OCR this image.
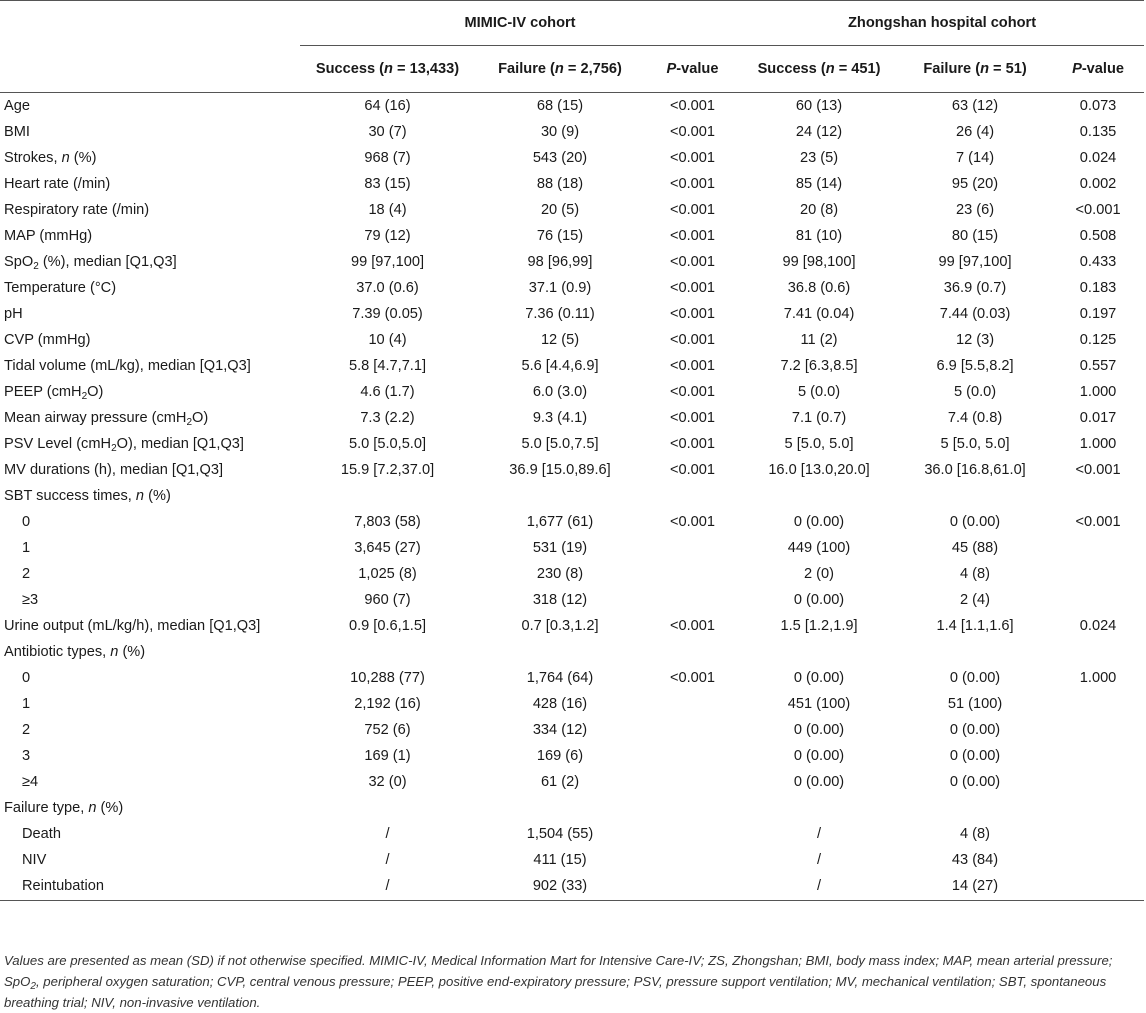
	MIMIC-IV cohort			Zhongshan hospital cohort		
	Success (n = 13,433)	Failure (n = 2,756)	P-value	Success (n = 451)	Failure (n = 51)	P-value
Age	64 (16)	68 (15)	<0.001	60 (13)	63 (12)	0.073
BMI	30 (7)	30 (9)	<0.001	24 (12)	26 (4)	0.135
Strokes, n (%)	968 (7)	543 (20)	<0.001	23 (5)	7 (14)	0.024
Heart rate (/min)	83 (15)	88 (18)	<0.001	85 (14)	95 (20)	0.002
Respiratory rate (/min)	18 (4)	20 (5)	<0.001	20 (8)	23 (6)	<0.001
MAP (mmHg)	79 (12)	76 (15)	<0.001	81 (10)	80 (15)	0.508
SpO$_2$ (%), median [Q1,Q3]	99 [97,100]	98 [96,99]	<0.001	99 [98,100]	99 [97,100]	0.433
Temperature (°C)	37.0 (0.6)	37.1 (0.9)	<0.001	36.8 (0.6)	36.9 (0.7)	0.183
pH	7.39 (0.05)	7.36 (0.11)	<0.001	7.41 (0.04)	7.44 (0.03)	0.197
CVP (mmHg)	10 (4)	12 (5)	<0.001	11 (2)	12 (3)	0.125
Tidal volume (mL/kg), median [Q1,Q3]	5.8 [4.7,7.1]	5.6 [4.4,6.9]	<0.001	7.2 [6.3,8.5]	6.9 [5.5,8.2]	0.557
PEEP (cmH$_2$O)	4.6 (1.7)	6.0 (3.0)	<0.001	5 (0.0)	5 (0.0)	1.000
Mean airway pressure (cmH$_2$O)	7.3 (2.2)	9.3 (4.1)	<0.001	7.1 (0.7)	7.4 (0.8)	0.017
PSV Level (cmH$_2$O), median [Q1,Q3]	5.0 [5.0,5.0]	5.0 [5.0,7.5]	<0.001	5 [5.0, 5.0]	5 [5.0, 5.0]	1.000
MV durations (h), median [Q1,Q3]	15.9 [7.2,37.0]	36.9 [15.0,89.6]	<0.001	16.0 [13.0,20.0]	36.0 [16.8,61.0]	<0.001
SBT success times, n (%)						
0	7,803 (58)	1,677 (61)	<0.001	0 (0.00)	0 (0.00)	<0.001
1	3,645 (27)	531 (19)		449 (100)	45 (88)	
2	1,025 (8)	230 (8)		2 (0)	4 (8)	
≥3	960 (7)	318 (12)		0 (0.00)	2 (4)	
Urine output (mL/kg/h), median [Q1,Q3]	0.9 [0.6,1.5]	0.7 [0.3,1.2]	<0.001	1.5 [1.2,1.9]	1.4 [1.1,1.6]	0.024
Antibiotic types, n (%)						
0	10,288 (77)	1,764 (64)	<0.001	0 (0.00)	0 (0.00)	1.000
1	2,192 (16)	428 (16)		451 (100)	51 (100)	
2	752 (6)	334 (12)		0 (0.00)	0 (0.00)	
3	169 (1)	169 (6)		0 (0.00)	0 (0.00)	
≥4	32 (0)	61 (2)		0 (0.00)	0 (0.00)	
Failure type, n (%)						
Death	/	1,504 (55)		/	4 (8)	
NIV	/	411 (15)		/	43 (84)	
Reintubation	/	902 (33)		/	14 (27)	

Values are presented as mean (SD) if not otherwise specified. MIMIC-IV, Medical Information Mart for Intensive Care-IV; ZS, Zhongshan; BMI, body mass index; MAP, mean arterial pressure; SpO$_2$, peripheral oxygen saturation; CVP, central venous pressure; PEEP, positive end-expiratory pressure; PSV, pressure support ventilation; MV, mechanical ventilation; SBT, spontaneous breathing trial; NIV, non-invasive ventilation.
